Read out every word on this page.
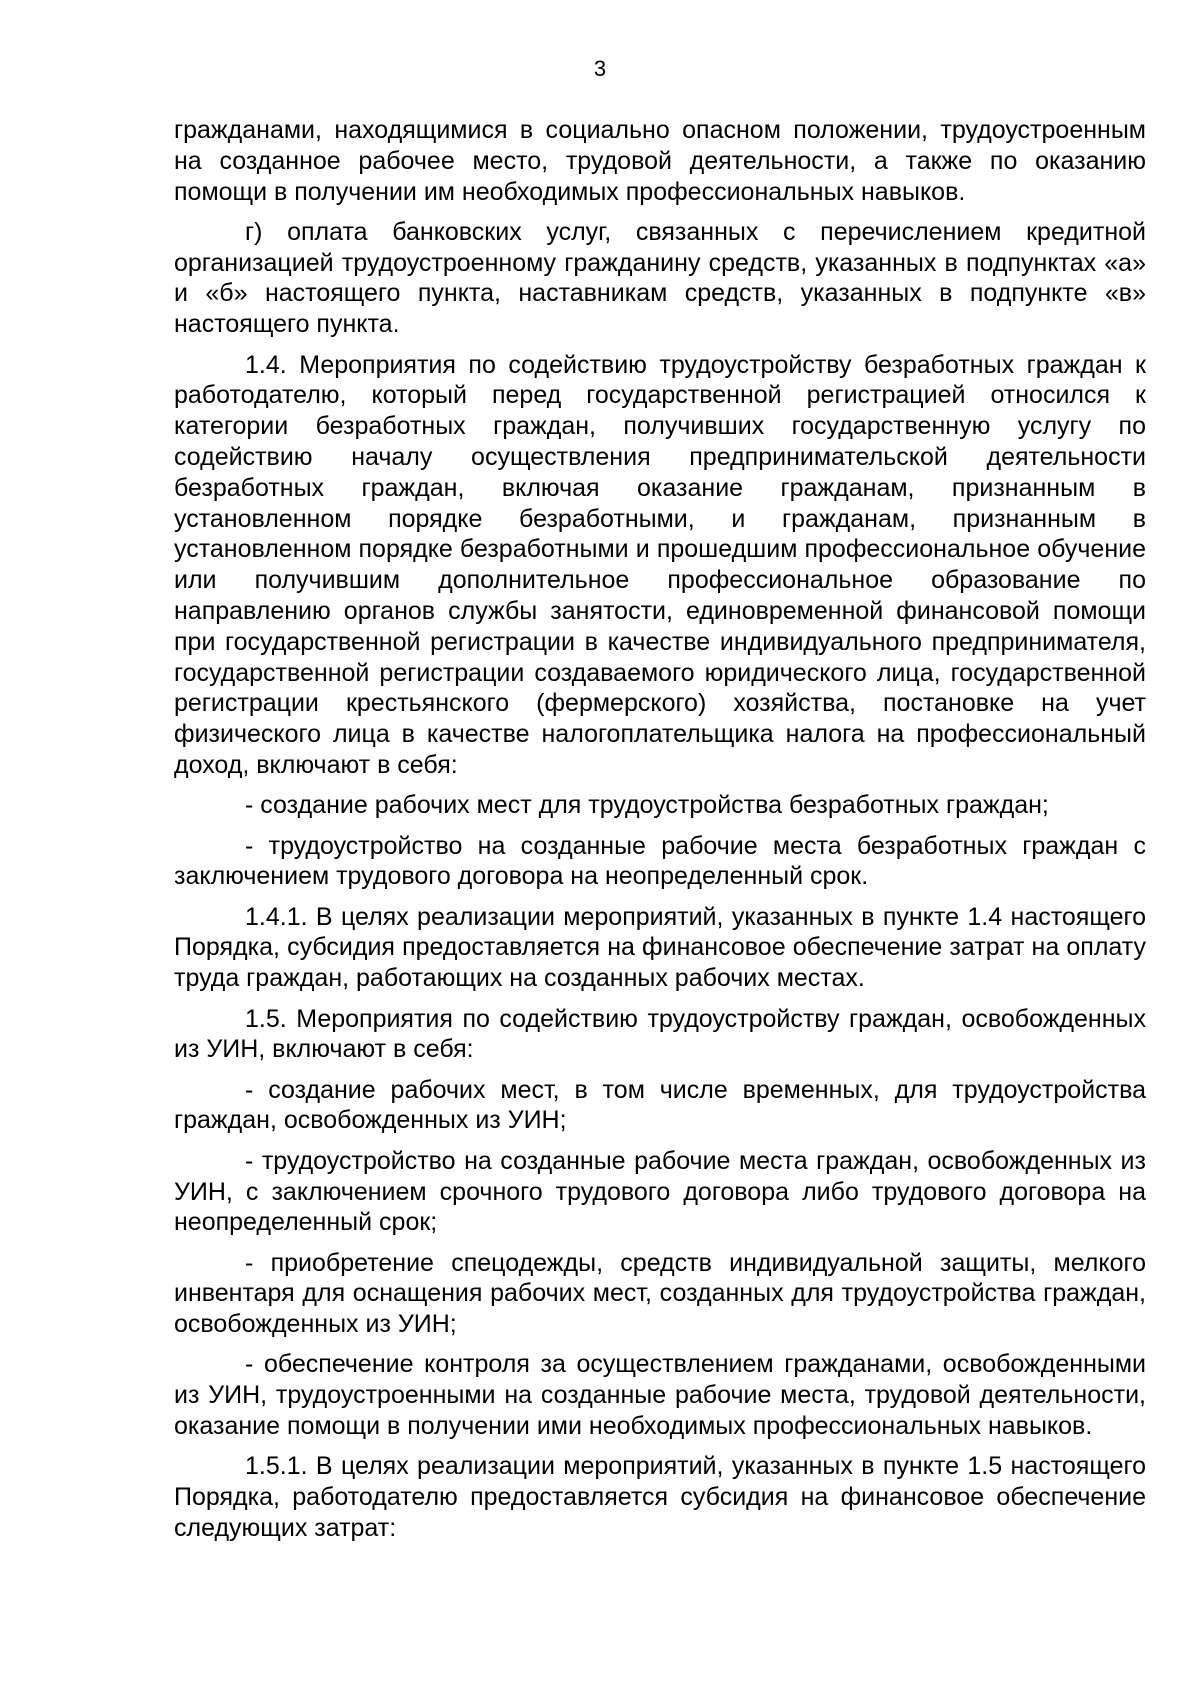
3

гражданами, находящимися в социально опасном положении, трудоустроенным на созданное рабочее место, трудовой деятельности, а также по оказанию помощи в получении им необходимых профессиональных навыков.

г) оплата банковских услуг, связанных с перечислением кредитной организацией трудоустроенному гражданину средств, указанных в подпунктах «а» и «б» настоящего пункта, наставникам средств, указанных в подпункте «в» настоящего пункта.

1.4. Мероприятия по содействию трудоустройству безработных граждан к работодателю, который перед государственной регистрацией относился к категории безработных граждан, получивших государственную услугу по содействию началу осуществления предпринимательской деятельности безработных граждан, включая оказание гражданам, признанным в установленном порядке безработными, и гражданам, признанным в установленном порядке безработными и прошедшим профессиональное обучение или получившим дополнительное профессиональное образование по направлению органов службы занятости, единовременной финансовой помощи при государственной регистрации в качестве индивидуального предпринимателя, государственной регистрации создаваемого юридического лица, государственной регистрации крестьянского (фермерского) хозяйства, постановке на учет физического лица в качестве налогоплательщика налога на профессиональный доход, включают в себя:

- создание рабочих мест для трудоустройства безработных граждан;

- трудоустройство на созданные рабочие места безработных граждан с заключением трудового договора на неопределенный срок.

1.4.1. В целях реализации мероприятий, указанных в пункте 1.4 настоящего Порядка, субсидия предоставляется на финансовое обеспечение затрат на оплату труда граждан, работающих на созданных рабочих местах.

1.5. Мероприятия по содействию трудоустройству граждан, освобожденных из УИН, включают в себя:

- создание рабочих мест, в том числе временных, для трудоустройства граждан, освобожденных из УИН;

- трудоустройство на созданные рабочие места граждан, освобожденных из УИН, с заключением срочного трудового договора либо трудового договора на неопределенный срок;

- приобретение спецодежды, средств индивидуальной защиты, мелкого инвентаря для оснащения рабочих мест, созданных для трудоустройства граждан, освобожденных из УИН;

- обеспечение контроля за осуществлением гражданами, освобожденными из УИН, трудоустроенными на созданные рабочие места, трудовой деятельности, оказание помощи в получении ими необходимых профессиональных навыков.

1.5.1. В целях реализации мероприятий, указанных в пункте 1.5 настоящего Порядка, работодателю предоставляется субсидия на финансовое обеспечение следующих затрат:
